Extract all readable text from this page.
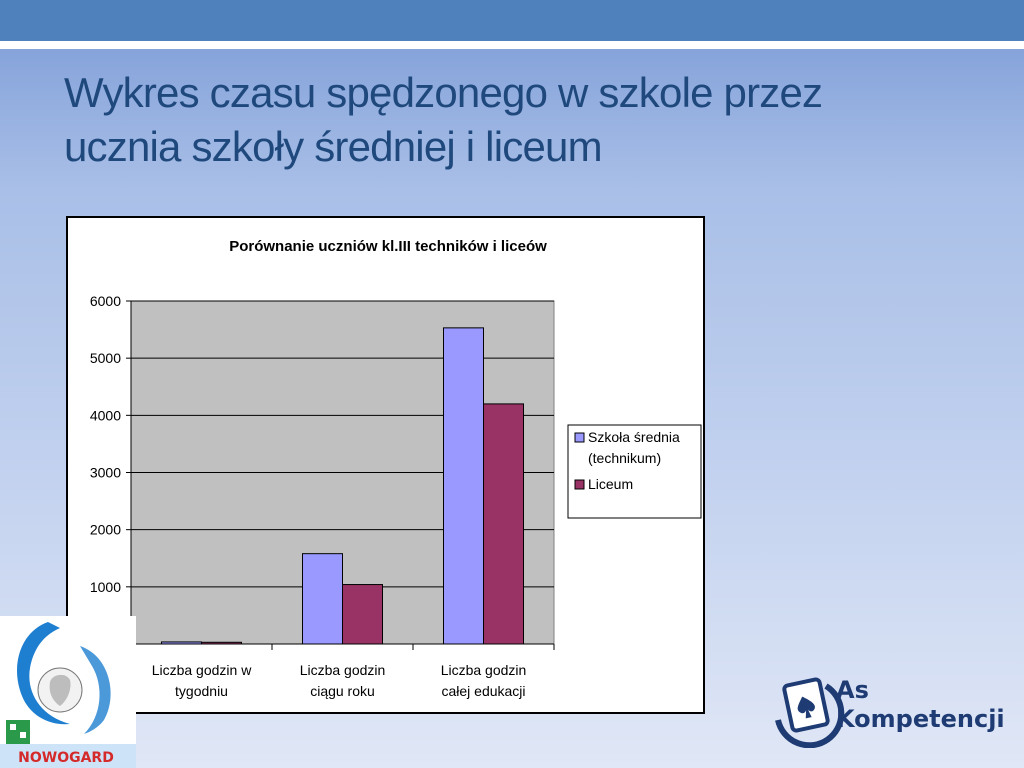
Wykres czasu spędzonego w szkole przez
ucznia szkoły średniej i liceum
Porównanie uczniów kl.III techników i liceów
1000
2000
3000
4000
5000
6000
Liczba godzin w
tygodniu
Liczba godzin
ciągu roku
Liczba godzin
całej edukacji
Szkoła średnia
(technikum)
Liceum
NOWOGARD
As
Kompetencji
